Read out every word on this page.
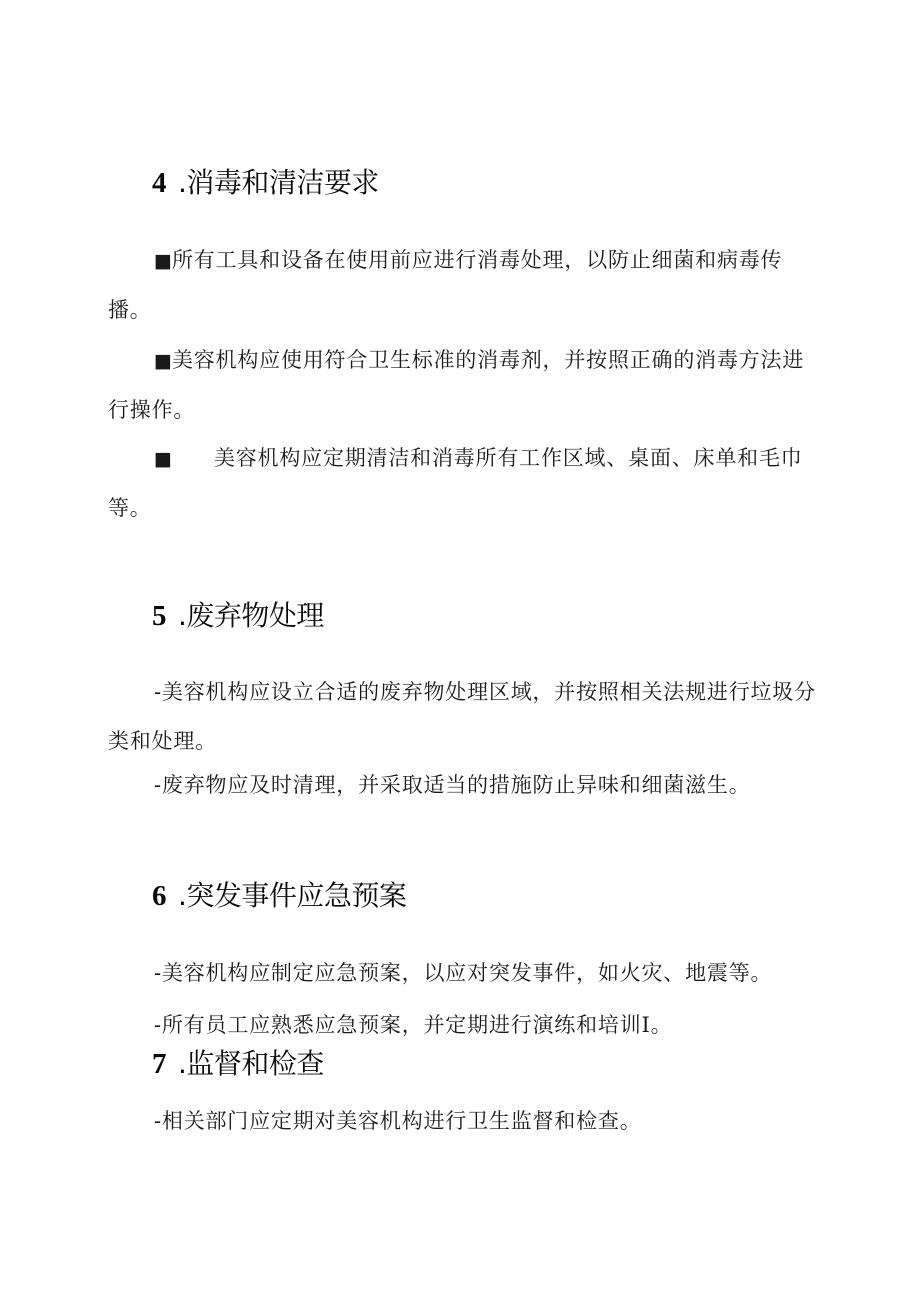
4 .消毒和清洁要求
■所有工具和设备在使用前应进行消毒处理，以防止细菌和病毒传
播。
■美容机构应使用符合卫生标准的消毒剂，并按照正确的消毒方法进
行操作。
■ 美容机构应定期清洁和消毒所有工作区域、桌面、床单和毛巾
等。
5 .废弃物处理
-美容机构应设立合适的废弃物处理区域，并按照相关法规进行垃圾分
类和处理。
-废弃物应及时清理，并采取适当的措施防止异味和细菌滋生。
6 .突发事件应急预案
-美容机构应制定应急预案，以应对突发事件，如火灾、地震等。
-所有员工应熟悉应急预案，并定期进行演练和培训Ⅰ。
7 .监督和检查
-相关部门应定期对美容机构进行卫生监督和检查。
